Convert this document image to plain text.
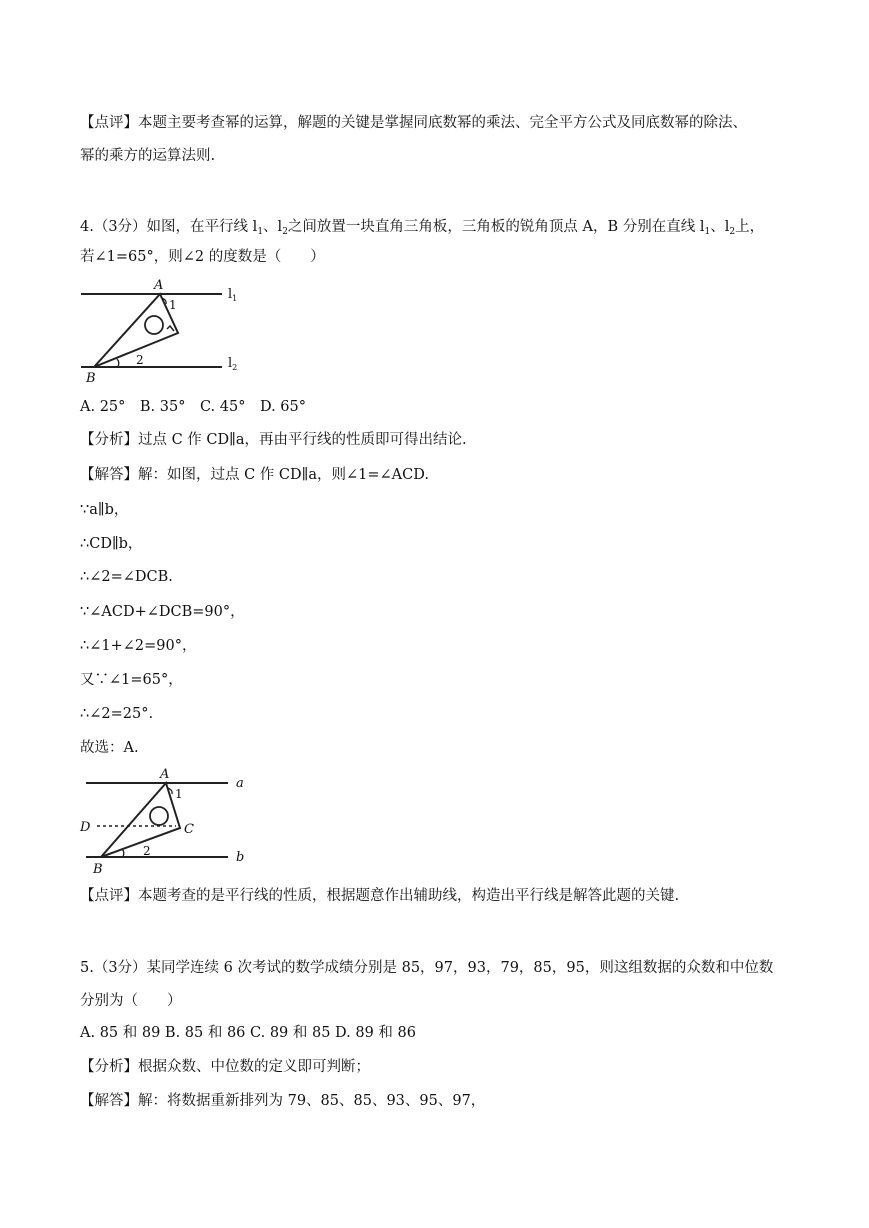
【点评】本题主要考查幂的运算，解题的关键是掌握同底数幂的乘法、完全平方公式及同底数幂的除法、
幂的乘方的运算法则.
4.（3分）如图，在平行线 $l_1$、$l_2$之间放置一块直角三角板，三角板的锐角顶点 A，B 分别在直线 $l_1$、$l_2$上，
若∠1=65°，则∠2 的度数是（　　）
A
B
1
2
$l_1$
$l_2$
A. 25°　B. 35°　C. 45°　D. 65°
【分析】过点 C 作 CD∥a，再由平行线的性质即可得出结论.
【解答】解：如图，过点 C 作 CD∥a，则∠1=∠ACD.
∵a∥b，
∴CD∥b，
∴∠2=∠DCB.
∵∠ACD+∠DCB=90°，
∴∠1+∠2=90°，
又∵∠1=65°，
∴∠2=25°.
故选：A.
A
B
C
D
1
2
a
b
【点评】本题考查的是平行线的性质，根据题意作出辅助线，构造出平行线是解答此题的关键.
5.（3分）某同学连续 6 次考试的数学成绩分别是 85，97，93，79，85，95，则这组数据的众数和中位数
分别为（　　）
A. 85 和 89 B. 85 和 86 C. 89 和 85 D. 89 和 86
【分析】根据众数、中位数的定义即可判断；
【解答】解：将数据重新排列为 79、85、85、93、95、97，
